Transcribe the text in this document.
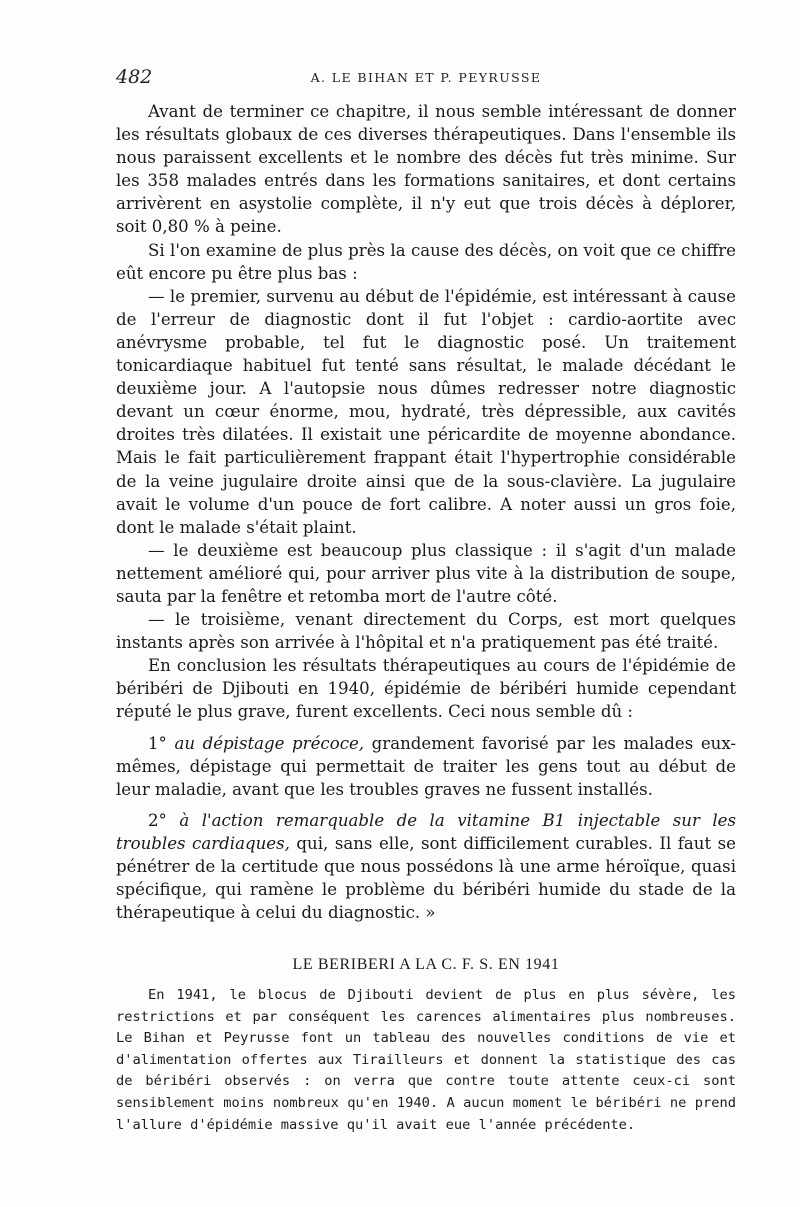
482	A. LE BIHAN ET P. PEYRUSSE

Avant de terminer ce chapitre, il nous semble intéressant de donner les résultats globaux de ces diverses thérapeutiques. Dans l'ensemble ils nous paraissent excellents et le nombre des décès fut très minime. Sur les 358 malades entrés dans les formations sanitaires, et dont certains arrivèrent en asystolie complète, il n'y eut que trois décès à déplorer, soit 0,80 % à peine.

Si l'on examine de plus près la cause des décès, on voit que ce chiffre eût encore pu être plus bas :

— le premier, survenu au début de l'épidémie, est intéressant à cause de l'erreur de diagnostic dont il fut l'objet : cardio-aortite avec anévrysme probable, tel fut le diagnostic posé. Un traitement tonicardiaque habituel fut tenté sans résultat, le malade décédant le deuxième jour. A l'autopsie nous dûmes redresser notre diagnostic devant un cœur énorme, mou, hydraté, très dépressible, aux cavités droites très dilatées. Il existait une péricardite de moyenne abondance. Mais le fait particulièrement frappant était l'hypertrophie considérable de la veine jugulaire droite ainsi que de la sous-clavière. La jugulaire avait le volume d'un pouce de fort calibre. A noter aussi un gros foie, dont le malade s'était plaint.

— le deuxième est beaucoup plus classique : il s'agit d'un malade nettement amélioré qui, pour arriver plus vite à la distribution de soupe, sauta par la fenêtre et retomba mort de l'autre côté.

— le troisième, venant directement du Corps, est mort quelques instants après son arrivée à l'hôpital et n'a pratiquement pas été traité.

En conclusion les résultats thérapeutiques au cours de l'épidémie de béribéri de Djibouti en 1940, épidémie de béribéri humide cependant réputé le plus grave, furent excellents. Ceci nous semble dû :

1° au dépistage précoce, grandement favorisé par les malades eux-mêmes, dépistage qui permettait de traiter les gens tout au début de leur maladie, avant que les troubles graves ne fussent installés.

2° à l'action remarquable de la vitamine B1 injectable sur les troubles cardiaques, qui, sans elle, sont difficilement curables. Il faut se pénétrer de la certitude que nous possédons là une arme héroïque, quasi spécifique, qui ramène le problème du béribéri humide du stade de la thérapeutique à celui du diagnostic. »

LE BERIBERI A LA C. F. S. EN 1941

En 1941, le blocus de Djibouti devient de plus en plus sévère, les restrictions et par conséquent les carences alimentaires plus nombreuses. Le Bihan et Peyrusse font un tableau des nouvelles conditions de vie et d'alimentation offertes aux Tirailleurs et donnent la statistique des cas de béribéri observés : on verra que contre toute attente ceux-ci sont sensiblement moins nombreux qu'en 1940. A aucun moment le béribéri ne prend l'allure d'épidémie massive qu'il avait eue l'année précédente.
